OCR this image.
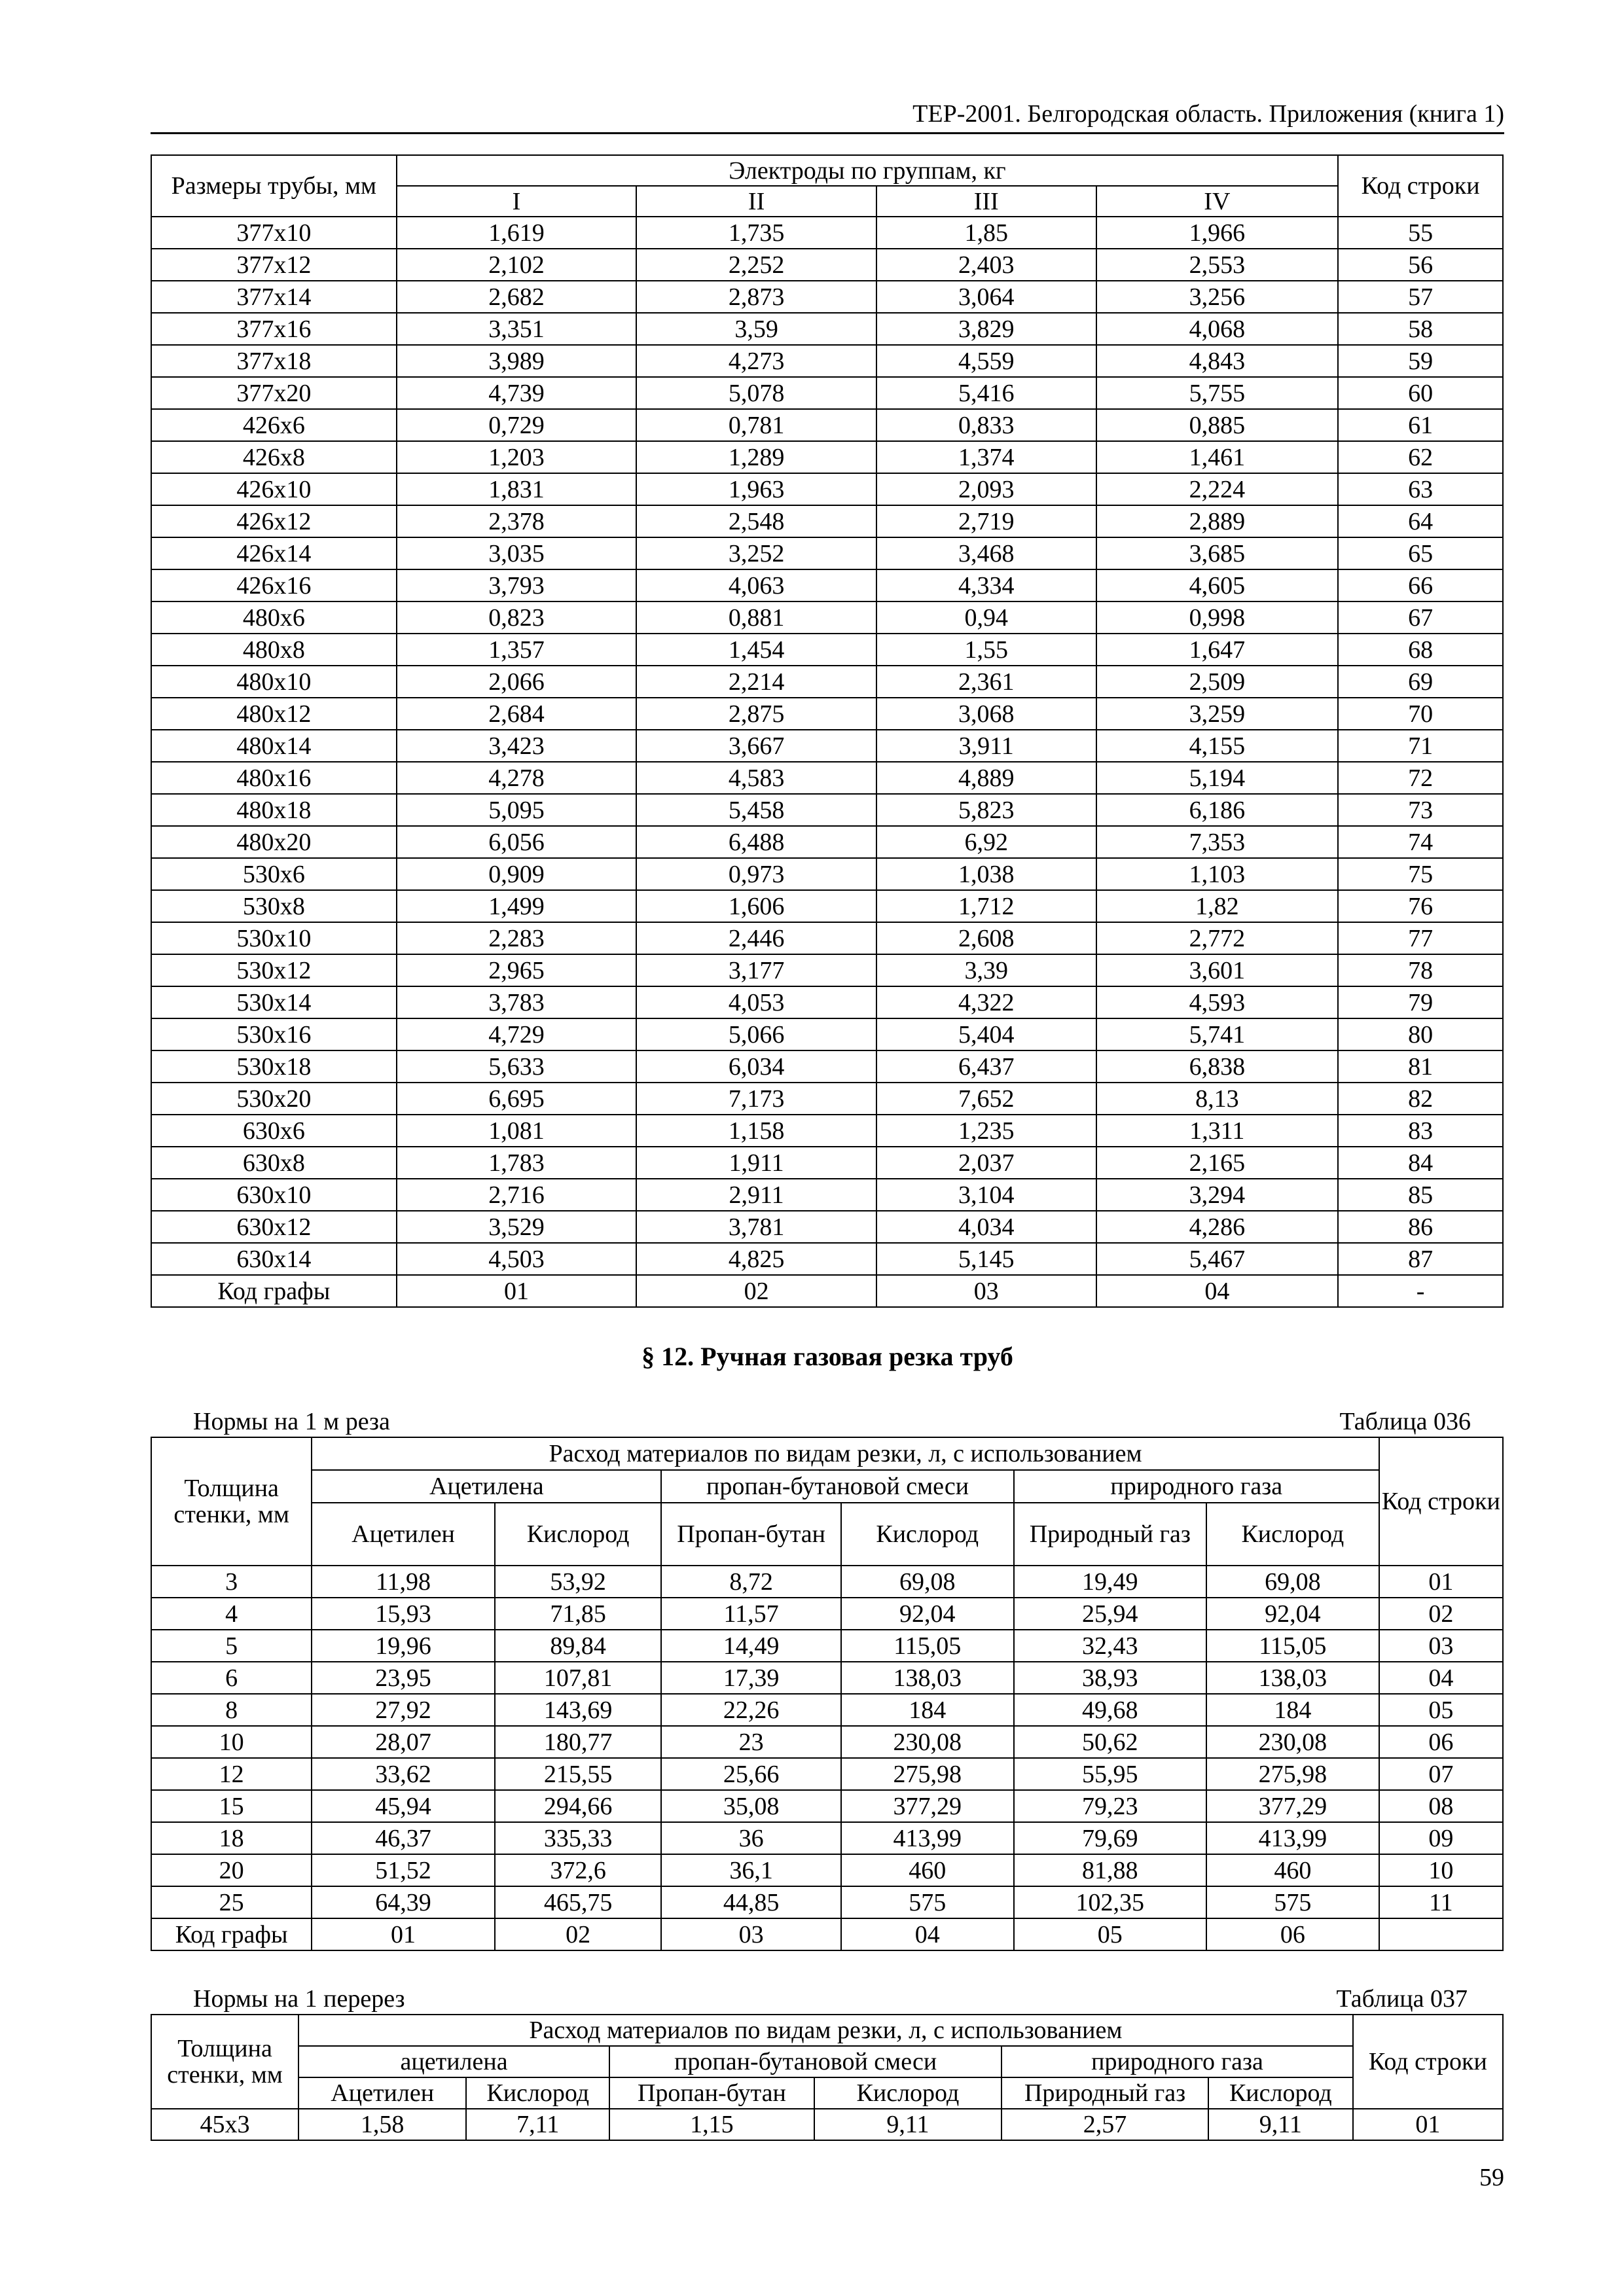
ТЕР-2001. Белгородская область. Приложения (книга 1)
Размеры трубы, мм	Электроды по группам, кг				Код строки
	I	II	III	IV	
377x10	1,619	1,735	1,85	1,966	55
377x12	2,102	2,252	2,403	2,553	56
377x14	2,682	2,873	3,064	3,256	57
377x16	3,351	3,59	3,829	4,068	58
377x18	3,989	4,273	4,559	4,843	59
377x20	4,739	5,078	5,416	5,755	60
426x6	0,729	0,781	0,833	0,885	61
426x8	1,203	1,289	1,374	1,461	62
426x10	1,831	1,963	2,093	2,224	63
426x12	2,378	2,548	2,719	2,889	64
426x14	3,035	3,252	3,468	3,685	65
426x16	3,793	4,063	4,334	4,605	66
480x6	0,823	0,881	0,94	0,998	67
480x8	1,357	1,454	1,55	1,647	68
480x10	2,066	2,214	2,361	2,509	69
480x12	2,684	2,875	3,068	3,259	70
480x14	3,423	3,667	3,911	4,155	71
480x16	4,278	4,583	4,889	5,194	72
480x18	5,095	5,458	5,823	6,186	73
480x20	6,056	6,488	6,92	7,353	74
530x6	0,909	0,973	1,038	1,103	75
530x8	1,499	1,606	1,712	1,82	76
530x10	2,283	2,446	2,608	2,772	77
530x12	2,965	3,177	3,39	3,601	78
530x14	3,783	4,053	4,322	4,593	79
530x16	4,729	5,066	5,404	5,741	80
530x18	5,633	6,034	6,437	6,838	81
530x20	6,695	7,173	7,652	8,13	82
630x6	1,081	1,158	1,235	1,311	83
630x8	1,783	1,911	2,037	2,165	84
630x10	2,716	2,911	3,104	3,294	85
630x12	3,529	3,781	4,034	4,286	86
630x14	4,503	4,825	5,145	5,467	87
Код графы	01	02	03	04	-
§ 12. Ручная газовая резка труб
Нормы на 1 м реза	Таблица 036
Толщина стенки, мм	Расход материалов по видам резки, л, с использованием						Код строки
	Ацетилена		пропан-бутановой смеси		природного газа		
	Ацетилен	Кислород	Пропан-бутан	Кислород	Природный газ	Кислород	
3	11,98	53,92	8,72	69,08	19,49	69,08	01
4	15,93	71,85	11,57	92,04	25,94	92,04	02
5	19,96	89,84	14,49	115,05	32,43	115,05	03
6	23,95	107,81	17,39	138,03	38,93	138,03	04
8	27,92	143,69	22,26	184	49,68	184	05
10	28,07	180,77	23	230,08	50,62	230,08	06
12	33,62	215,55	25,66	275,98	55,95	275,98	07
15	45,94	294,66	35,08	377,29	79,23	377,29	08
18	46,37	335,33	36	413,99	79,69	413,99	09
20	51,52	372,6	36,1	460	81,88	460	10
25	64,39	465,75	44,85	575	102,35	575	11
Код графы	01	02	03	04	05	06	
Нормы на 1 перерез	Таблица 037
Толщина стенки, мм	Расход материалов по видам резки, л, с использованием						Код строки
	ацетилена		пропан-бутановой смеси		природного газа		
	Ацетилен	Кислород	Пропан-бутан	Кислород	Природный газ	Кислород	
45x3	1,58	7,11	1,15	9,11	2,57	9,11	01
59
